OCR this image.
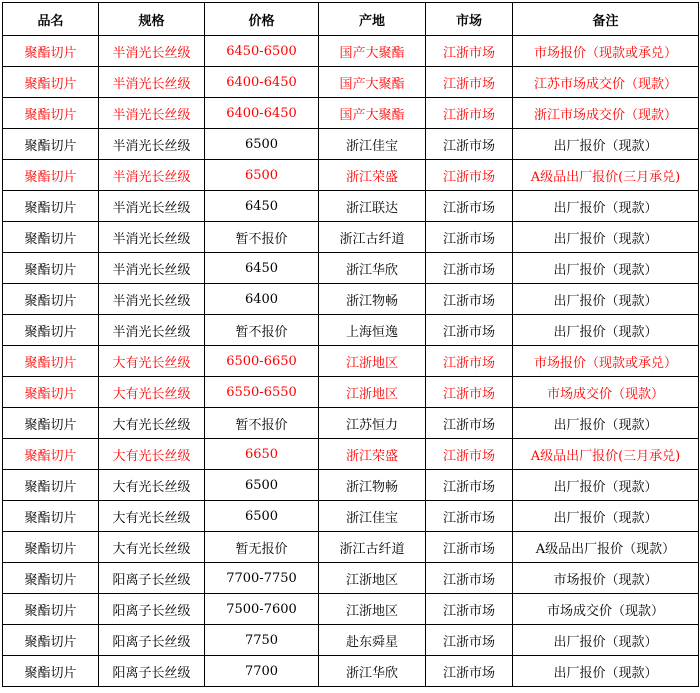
品名	规格	价格	产地	市场	备注
聚酯切片	半消光长丝级	6450-6500	国产大聚酯	江浙市场	市场报价（现款或承兑）
聚酯切片	半消光长丝级	6400-6450	国产大聚酯	江浙市场	江苏市场成交价（现款）
聚酯切片	半消光长丝级	6400-6450	国产大聚酯	江浙市场	浙江市场成交价（现款）
聚酯切片	半消光长丝级	6500	浙江佳宝	江浙市场	出厂报价（现款）
聚酯切片	半消光长丝级	6500	浙江荣盛	江浙市场	A级品出厂报价(三月承兑)
聚酯切片	半消光长丝级	6450	浙江联达	江浙市场	出厂报价（现款）
聚酯切片	半消光长丝级	暂不报价	浙江古纤道	江浙市场	出厂报价（现款）
聚酯切片	半消光长丝级	6450	浙江华欣	江浙市场	出厂报价（现款）
聚酯切片	半消光长丝级	6400	浙江物畅	江浙市场	出厂报价（现款）
聚酯切片	半消光长丝级	暂不报价	上海恒逸	江浙市场	出厂报价（现款）
聚酯切片	大有光长丝级	6500-6650	江浙地区	江浙市场	市场报价（现款或承兑）
聚酯切片	大有光长丝级	6550-6550	江浙地区	江浙市场	市场成交价（现款）
聚酯切片	大有光长丝级	暂不报价	江苏恒力	江浙市场	出厂报价（现款）
聚酯切片	大有光长丝级	6650	浙江荣盛	江浙市场	A级品出厂报价(三月承兑)
聚酯切片	大有光长丝级	6500	浙江物畅	江浙市场	出厂报价（现款）
聚酯切片	大有光长丝级	6500	浙江佳宝	江浙市场	出厂报价（现款）
聚酯切片	大有光长丝级	暂无报价	浙江古纤道	江浙市场	A级品出厂报价（现款）
聚酯切片	阳离子长丝级	7700-7750	江浙地区	江浙市场	市场报价（现款）
聚酯切片	阳离子长丝级	7500-7600	江浙地区	江浙市场	市场成交价（现款）
聚酯切片	阳离子长丝级	7750	赴东舜星	江浙市场	出厂报价（现款）
聚酯切片	阳离子长丝级	7700	浙江华欣	江浙市场	出厂报价（现款）
